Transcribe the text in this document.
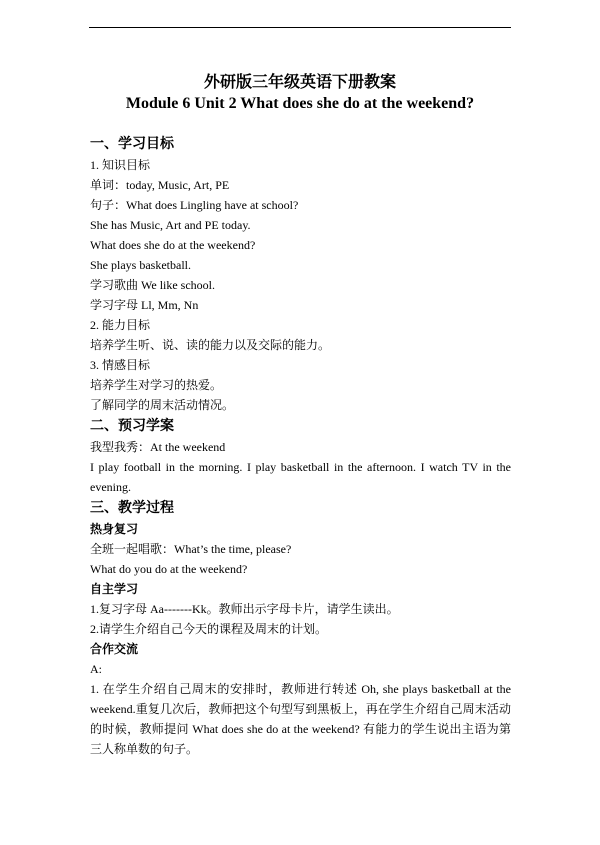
外研版三年级英语下册教案
Module 6 Unit 2 What does she do at the weekend?

一、学习目标

1. 知识目标

单词：today, Music, Art, PE

句子：What does Lingling have at school?

She has Music, Art and PE today.

What does she do at the weekend?

She plays basketball.

学习歌曲 We like school.

学习字母 Ll, Mm, Nn

2. 能力目标

培养学生听、说、读的能力以及交际的能力。

3. 情感目标

培养学生对学习的热爱。

了解同学的周末活动情况。

二、预习学案

我型我秀：At the weekend

I play football in the morning. I play basketball in the afternoon. I watch TV in the evening.

三、教学过程

热身复习

全班一起唱歌：What’s the time, please?

What do you do at the weekend?

自主学习

1.复习字母 Aa-------Kk。教师出示字母卡片，请学生读出。

2.请学生介绍自己今天的课程及周末的计划。

合作交流

A:

1. 在学生介绍自己周末的安排时，教师进行转述 Oh, she plays basketball at the weekend.重复几次后，教师把这个句型写到黑板上，再在学生介绍自己周末活动的时候，教师提问 What does she do at the weekend? 有能力的学生说出主语为第三人称单数的句子。
